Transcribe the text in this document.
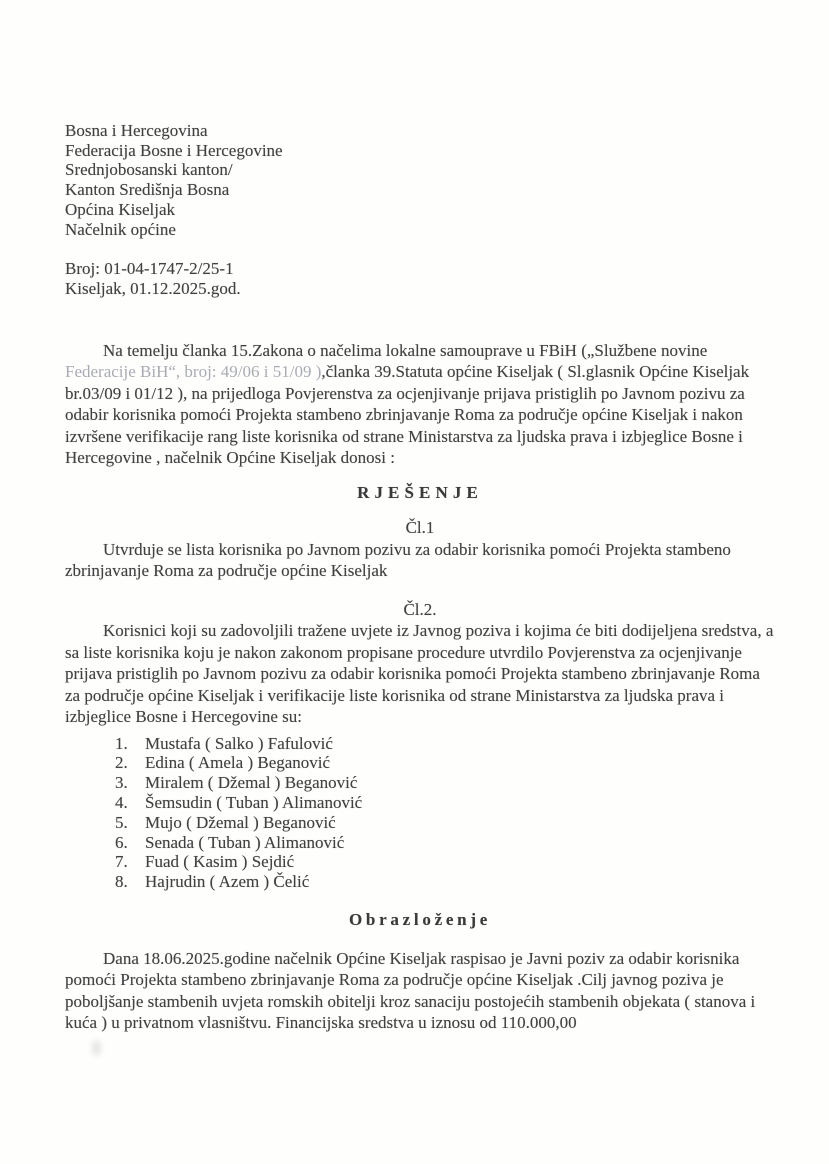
Bosna i Hercegovina
Federacija Bosne i Hercegovine
Srednjobosanski kanton/
Kanton Središnja Bosna
Općina Kiseljak
Načelnik općine
Broj: 01-04-1747-2/25-1
Kiseljak, 01.12.2025.god.

Na temelju članka 15.Zakona o načelima lokalne samouprave u FBiH („Službene novine Federacije BiH“, broj: 49/06 i 51/09 ),članka 39.Statuta općine Kiseljak ( Sl.glasnik Općine Kiseljak br.03/09 i 01/12 ), na prijedloga Povjerenstva za ocjenjivanje prijava pristiglih po Javnom pozivu za odabir korisnika pomoći Projekta stambeno zbrinjavanje Roma za područje općine Kiseljak i nakon izvršene verifikacije rang liste korisnika od strane Ministarstva za ljudska prava i izbjeglice Bosne i Hercegovine , načelnik Općine Kiseljak donosi :

RJEŠENJE
Čl.1

Utvrduje se lista korisnika po Javnom pozivu za odabir korisnika pomoći Projekta stambeno zbrinjavanje Roma za područje općine Kiseljak

Čl.2.

Korisnici koji su zadovoljili tražene uvjete iz Javnog poziva i kojima će biti dodijeljena sredstva, a sa liste korisnika koju je nakon zakonom propisane procedure utvrdilo Povjerenstva za ocjenjivanje prijava pristiglih po Javnom pozivu za odabir korisnika pomoći Projekta stambeno zbrinjavanje Roma za područje općine Kiseljak i verifikacije liste korisnika od strane Ministarstva za ljudska prava i izbjeglice Bosne i Hercegovine su:

1.	Mustafa ( Salko ) Fafulović
2.	Edina ( Amela ) Beganović
3.	Miralem ( Džemal ) Beganović
4.	Šemsudin ( Tuban ) Alimanović
5.	Mujo ( Džemal ) Beganović
6.	Senada ( Tuban ) Alimanović
7.	Fuad ( Kasim ) Sejdić
8.	Hajrudin ( Azem ) Čelić
Obrazloženje

Dana 18.06.2025.godine načelnik Općine Kiseljak raspisao je Javni poziv za odabir korisnika pomoći Projekta stambeno zbrinjavanje Roma za područje općine Kiseljak .Cilj javnog poziva je poboljšanje stambenih uvjeta romskih obitelji kroz sanaciju postojećih stambenih objekata ( stanova i kuća ) u privatnom vlasništvu. Financijska sredstva u iznosu od 110.000,00
